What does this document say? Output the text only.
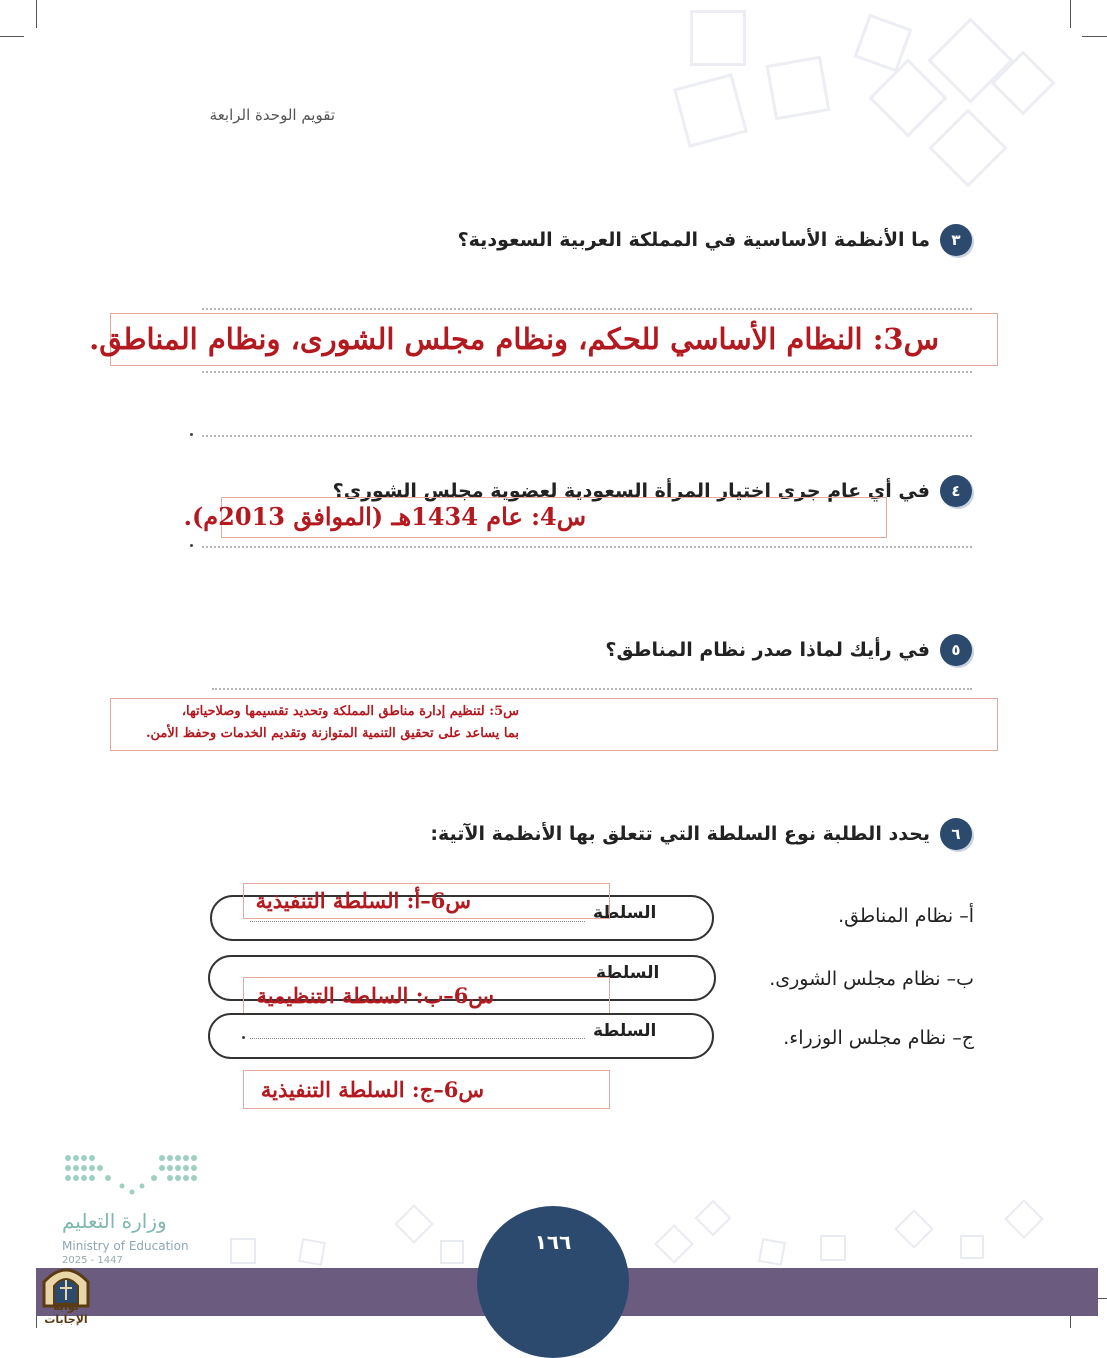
تقويم الوحدة الرابعة
٣
ما الأنظمة الأساسية في المملكة العربية السعودية؟
س3: النظام الأساسي للحكم، ونظام مجلس الشورى، ونظام المناطق.
٤
في أي عام جرى اختيار المرأة السعودية لعضوية مجلس الشورى؟
س4: عام 1434هـ (الموافق 2013م).
٥
في رأيك لماذا صدر نظام المناطق؟
س5: لتنظيم إدارة مناطق المملكة وتحديد تقسيمها وصلاحياتها،
بما يساعد على تحقيق التنمية المتوازنة وتقديم الخدمات وحفظ الأمن.
٦
يحدد الطلبة نوع السلطة التي تتعلق بها الأنظمة الآتية:
أ– نظام المناطق.
السلطة
س6–أ: السلطة التنفيذية
ب– نظام مجلس الشورى.
السلطة
س6–ب: السلطة التنظيمية
ج– نظام مجلس الوزراء.
السلطة
س6–ج: السلطة التنفيذية
وزارة التعليم
Ministry of Education
2025 - 1447
١٦٦
بوابة الإجابات
